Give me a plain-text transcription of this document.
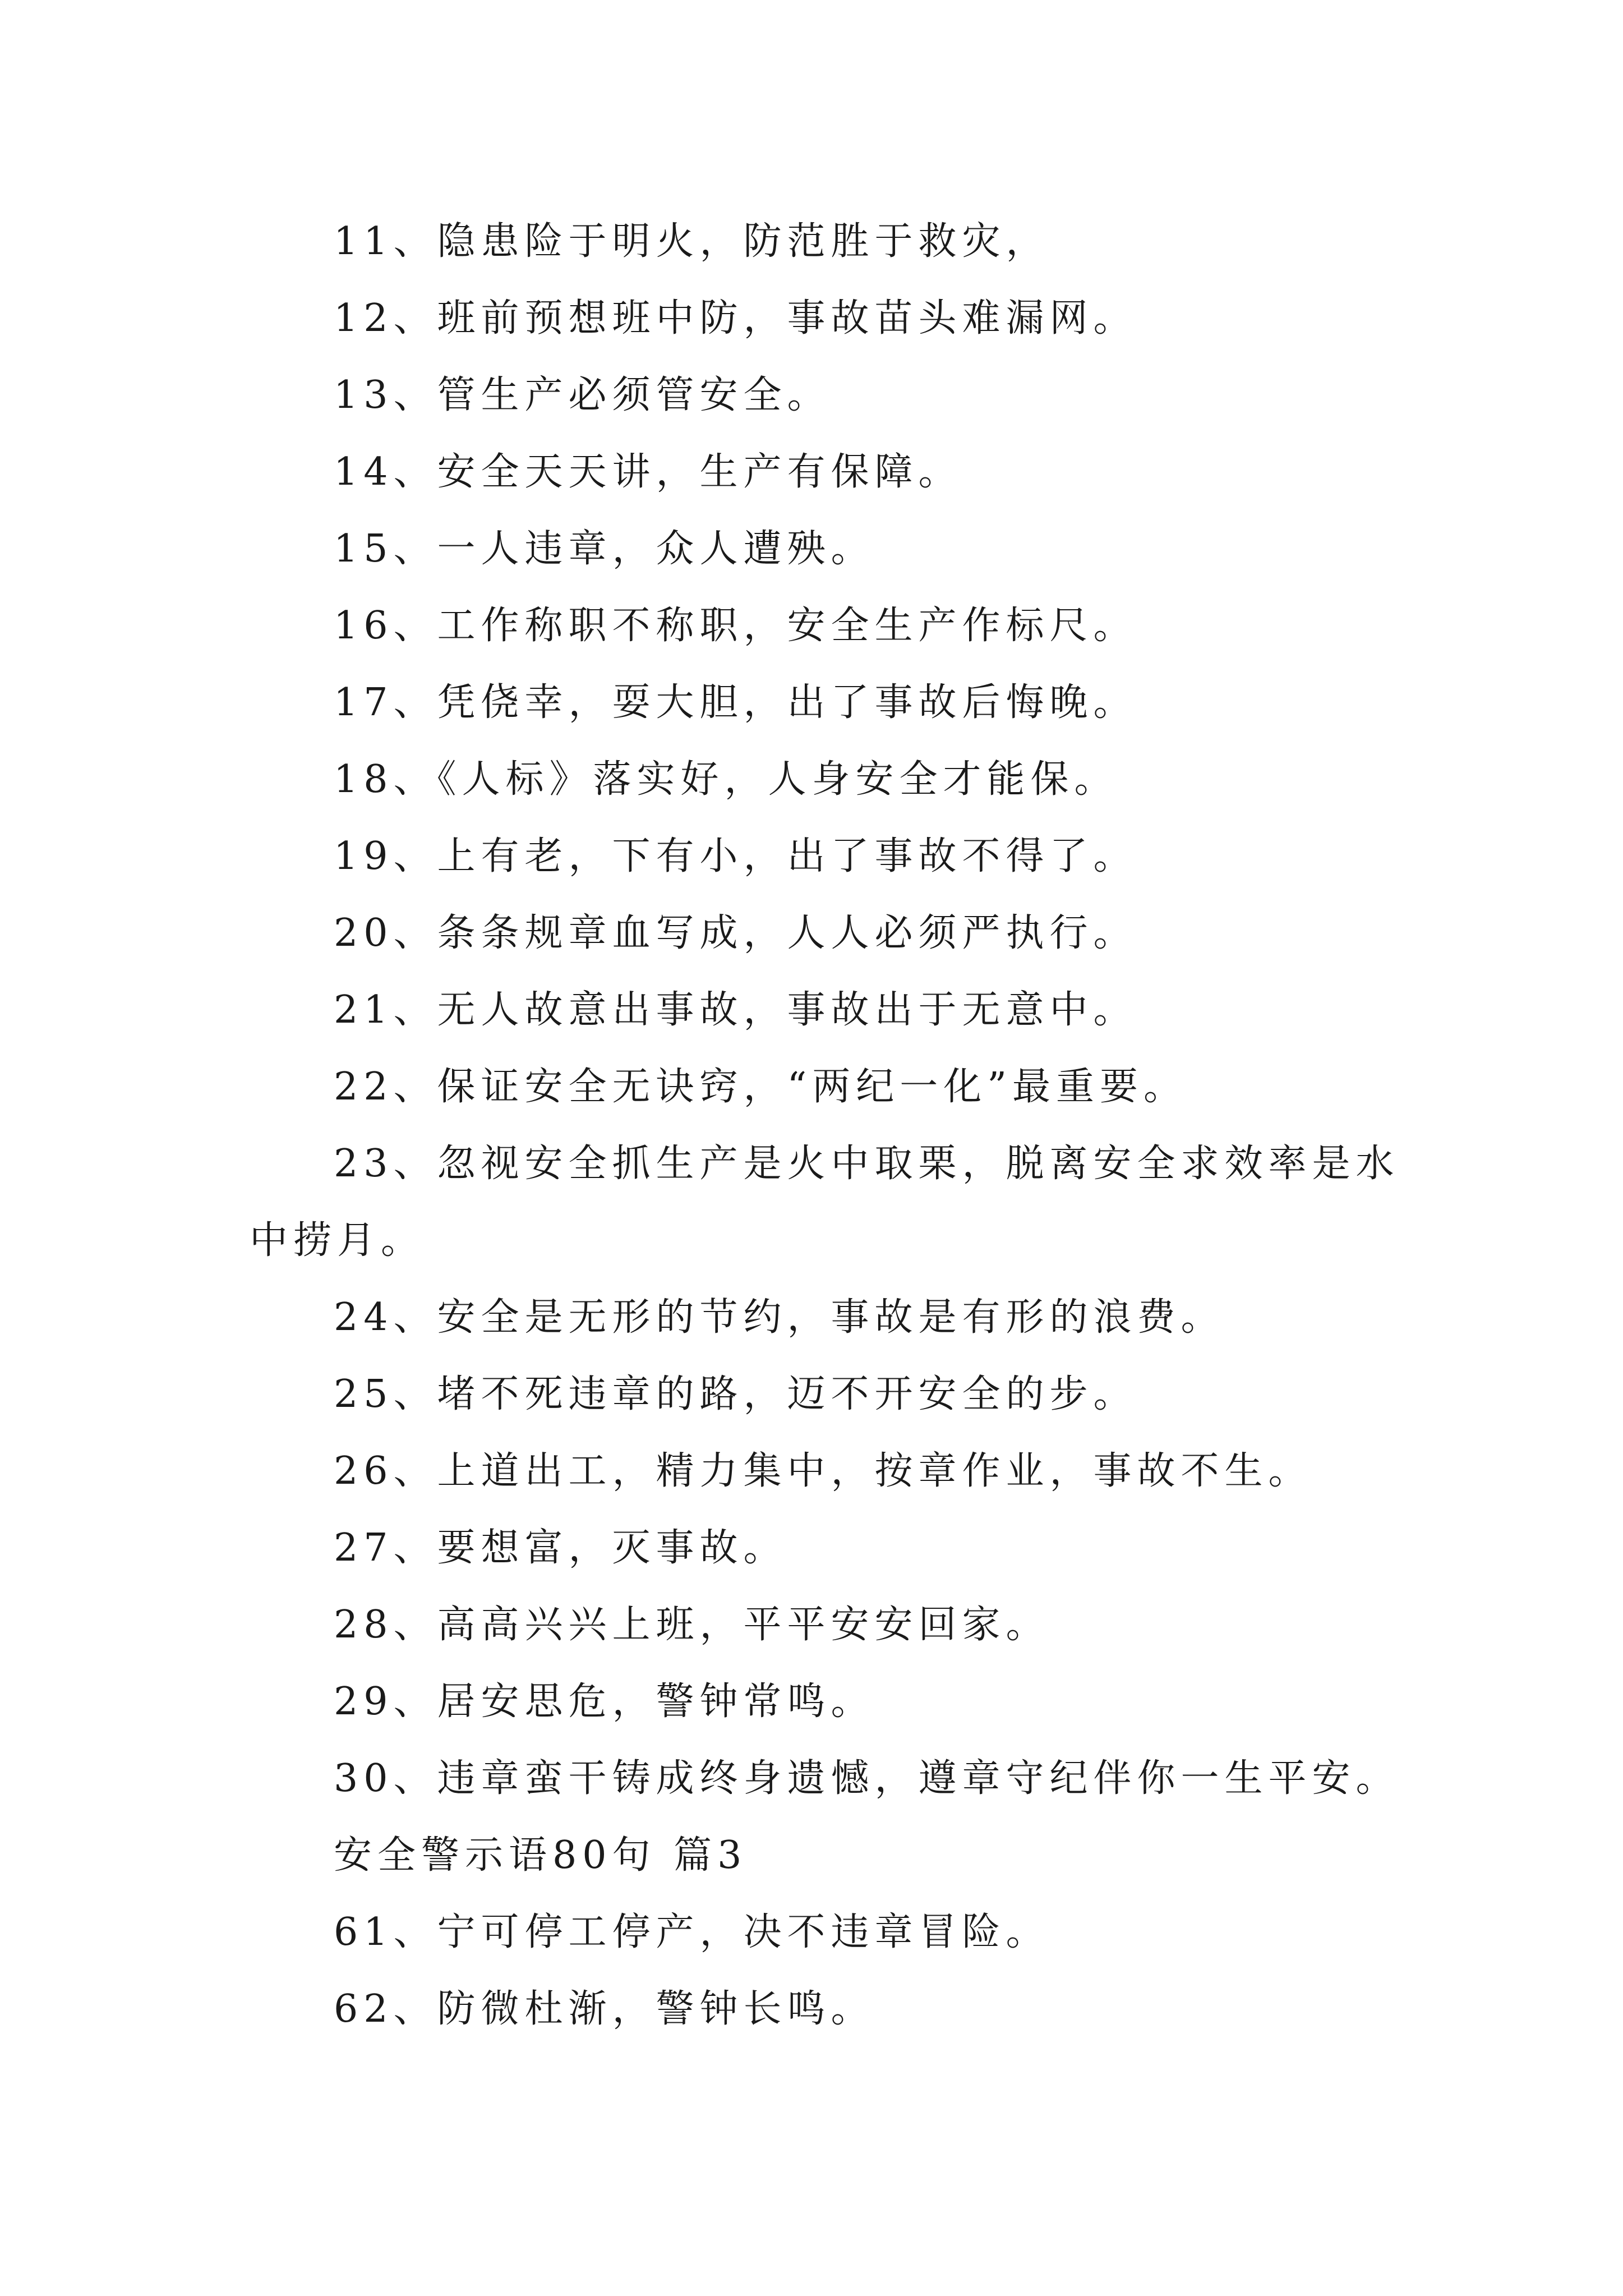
11、隐患险于明火，防范胜于救灾，
12、班前预想班中防，事故苗头难漏网。
13、管生产必须管安全。
14、安全天天讲，生产有保障。
15、一人违章，众人遭殃。
16、工作称职不称职，安全生产作标尺。
17、凭侥幸，耍大胆，出了事故后悔晚。
18、《人标》落实好，人身安全才能保。
19、上有老，下有小，出了事故不得了。
20、条条规章血写成，人人必须严执行。
21、无人故意出事故，事故出于无意中。
22、保证安全无诀窍，“两纪一化”最重要。
23、忽视安全抓生产是火中取栗，脱离安全求效率是水
中捞月。
24、安全是无形的节约，事故是有形的浪费。
25、堵不死违章的路，迈不开安全的步。
26、上道出工，精力集中，按章作业，事故不生。
27、要想富，灭事故。
28、高高兴兴上班，平平安安回家。
29、居安思危，警钟常鸣。
30、违章蛮干铸成终身遗憾，遵章守纪伴你一生平安。
安全警示语80句 篇3
61、宁可停工停产，决不违章冒险。
62、防微杜渐，警钟长鸣。
